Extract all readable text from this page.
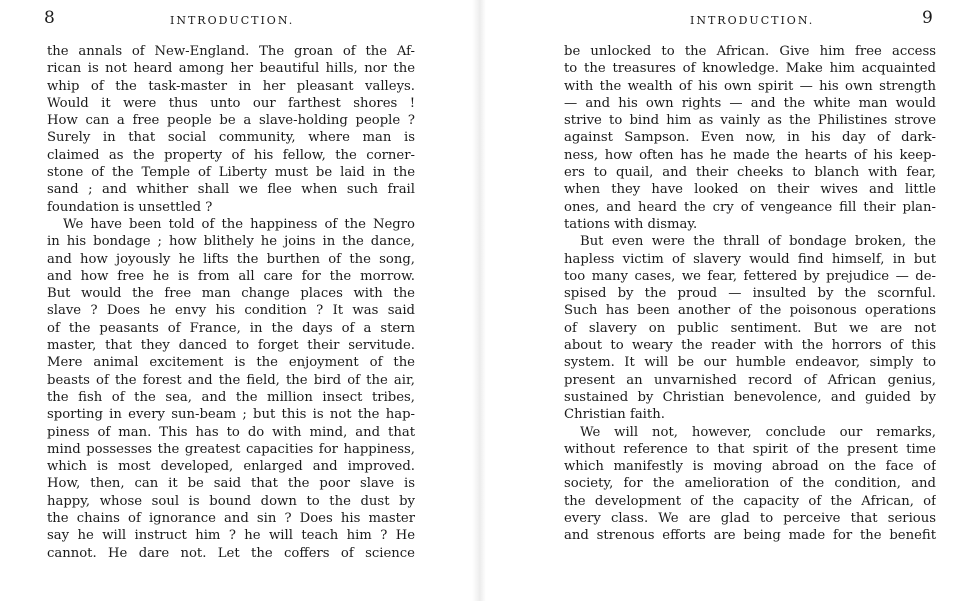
8	INTRODUCTION.
the annals of New-England. The groan of the Af-
rican is not heard among her beautiful hills, nor the
whip of the task-master in her pleasant valleys.
Would it were thus unto our farthest shores !
How can a free people be a slave-holding people ?
Surely in that social community, where man is
claimed as the property of his fellow, the corner-
stone of the Temple of Liberty must be laid in the
sand ; and whither shall we flee when such frail
foundation is unsettled ?
We have been told of the happiness of the Negro
in his bondage ; how blithely he joins in the dance,
and how joyously he lifts the burthen of the song,
and how free he is from all care for the morrow.
But would the free man change places with the
slave ? Does he envy his condition ? It was said
of the peasants of France, in the days of a stern
master, that they danced to forget their servitude.
Mere animal excitement is the enjoyment of the
beasts of the forest and the field, the bird of the air,
the fish of the sea, and the million insect tribes,
sporting in every sun-beam ; but this is not the hap-
piness of man. This has to do with mind, and that
mind possesses the greatest capacities for happiness,
which is most developed, enlarged and improved.
How, then, can it be said that the poor slave is
happy, whose soul is bound down to the dust by
the chains of ignorance and sin ? Does his master
say he will instruct him ? he will teach him ? He
cannot. He dare not. Let the coffers of science
INTRODUCTION.	9
be unlocked to the African. Give him free access
to the treasures of knowledge. Make him acquainted
with the wealth of his own spirit — his own strength
— and his own rights — and the white man would
strive to bind him as vainly as the Philistines strove
against Sampson. Even now, in his day of dark-
ness, how often has he made the hearts of his keep-
ers to quail, and their cheeks to blanch with fear,
when they have looked on their wives and little
ones, and heard the cry of vengeance fill their plan-
tations with dismay.
But even were the thrall of bondage broken, the
hapless victim of slavery would find himself, in but
too many cases, we fear, fettered by prejudice — de-
spised by the proud — insulted by the scornful.
Such has been another of the poisonous operations
of slavery on public sentiment. But we are not
about to weary the reader with the horrors of this
system. It will be our humble endeavor, simply to
present an unvarnished record of African genius,
sustained by Christian benevolence, and guided by
Christian faith.
We will not, however, conclude our remarks,
without reference to that spirit of the present time
which manifestly is moving abroad on the face of
society, for the amelioration of the condition, and
the development of the capacity of the African, of
every class. We are glad to perceive that serious
and strenous efforts are being made for the benefit
